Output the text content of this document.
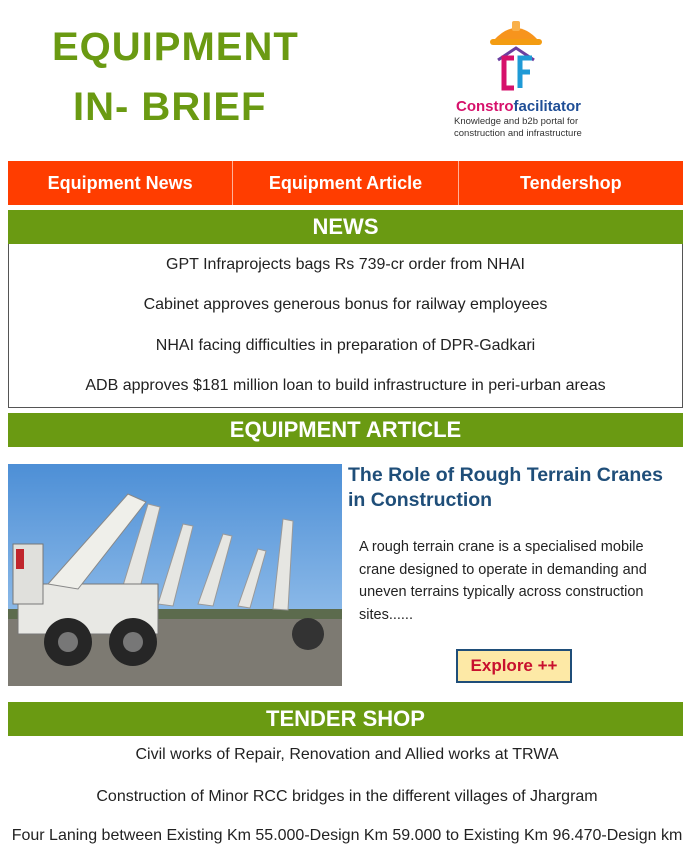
EQUIPMENT
IN- BRIEF	Constrofacilitator
Knowledge and b2b portal for construction and infrastructure
Equipment News	Equipment Article	Tendershop
NEWS
GPT Infraprojects bags Rs 739-cr order from NHAI
Cabinet approves generous bonus for railway employees
NHAI facing difficulties in preparation of DPR-Gadkari
ADB approves $181 million loan to build infrastructure in peri-urban areas
EQUIPMENT ARTICLE
The Role of Rough Terrain Cranes in Construction
A rough terrain crane is a specialised mobile crane designed to operate in demanding and uneven terrains typically across construction sites......
Explore ++
TENDER SHOP
Civil works of Repair, Renovation and Allied works at TRWA
Construction of Minor RCC bridges in the different villages of Jhargram
Four Laning between Existing Km 55.000-Design Km 59.000 to Existing Km 96.470-Design km
